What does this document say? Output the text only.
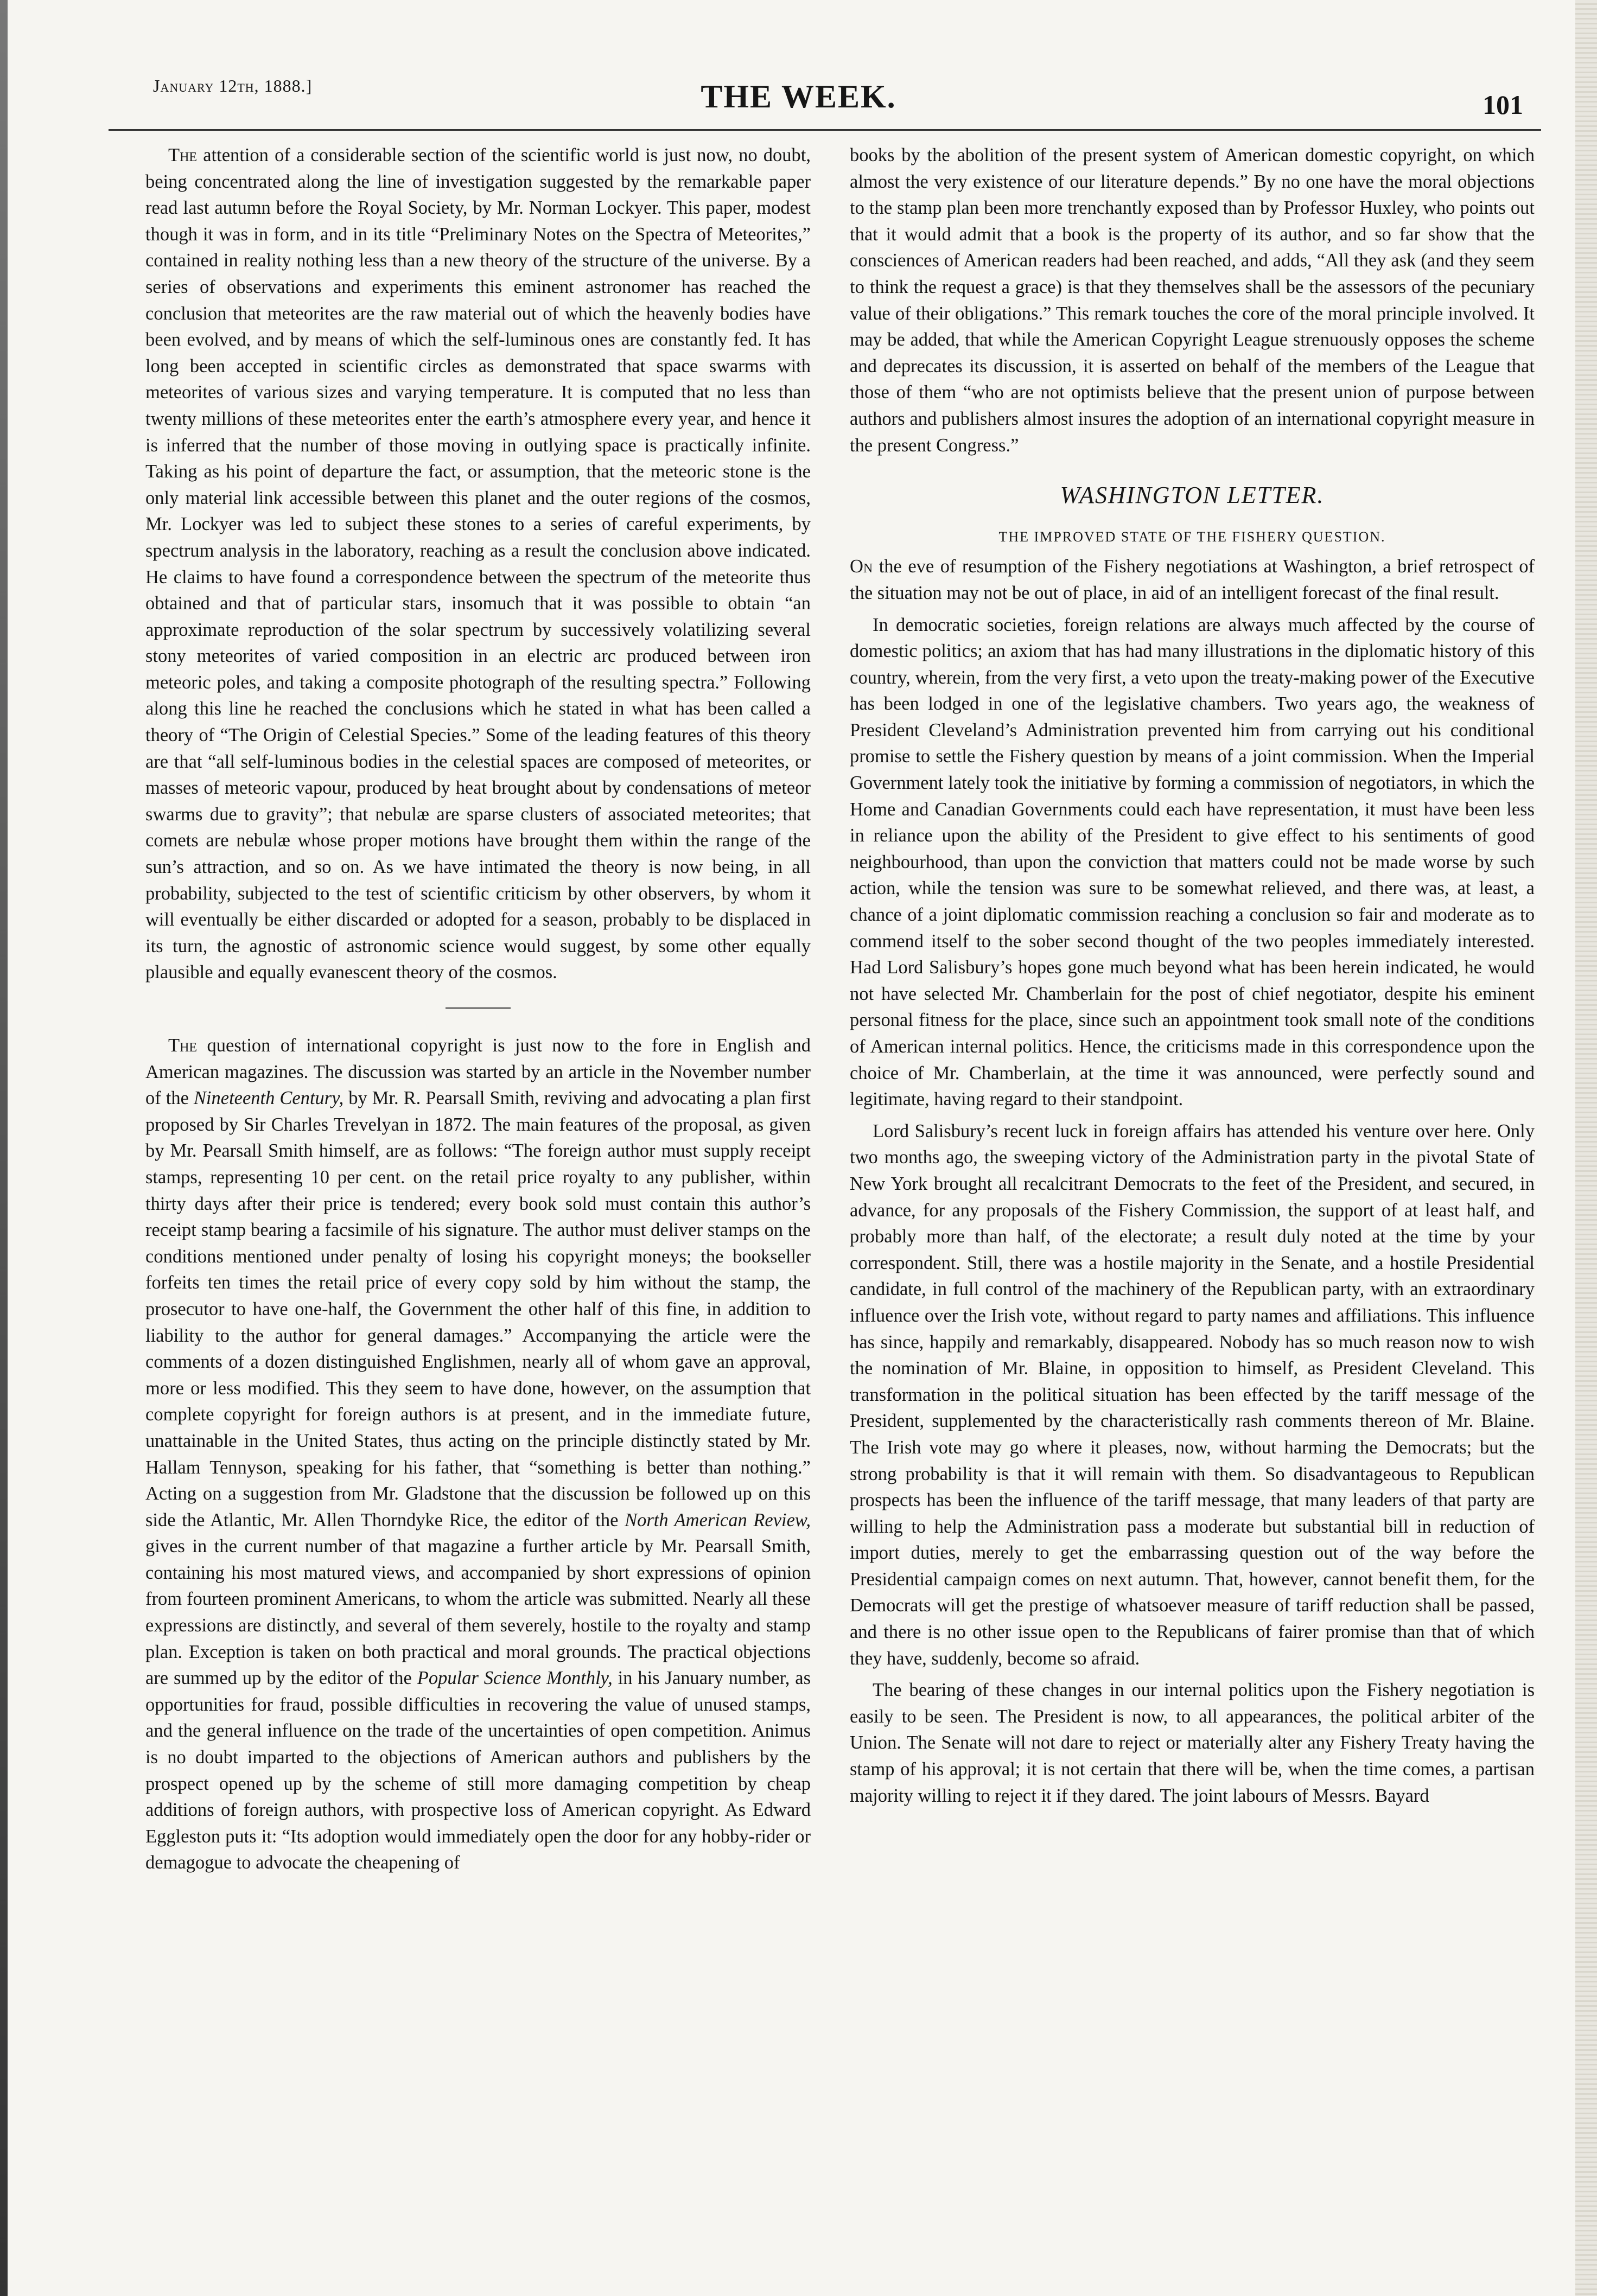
January 12th, 1888.]	THE WEEK.	101

The attention of a considerable section of the scientific world is just now, no doubt, being concentrated along the line of investigation suggested by the remarkable paper read last autumn before the Royal Society, by Mr. Norman Lockyer. This paper, modest though it was in form, and in its title “Preliminary Notes on the Spectra of Meteorites,” contained in reality nothing less than a new theory of the structure of the universe. By a series of observations and experiments this eminent astronomer has reached the conclusion that meteorites are the raw material out of which the heavenly bodies have been evolved, and by means of which the self-luminous ones are constantly fed. It has long been accepted in scientific circles as demonstrated that space swarms with meteorites of various sizes and varying temperature. It is computed that no less than twenty millions of these meteorites enter the earth’s atmosphere every year, and hence it is inferred that the number of those moving in outlying space is practically infinite. Taking as his point of departure the fact, or assumption, that the meteoric stone is the only material link accessible between this planet and the outer regions of the cosmos, Mr. Lockyer was led to subject these stones to a series of careful experiments, by spectrum analysis in the laboratory, reaching as a result the conclusion above indicated. He claims to have found a correspondence between the spectrum of the meteorite thus obtained and that of particular stars, insomuch that it was possible to obtain “an approximate reproduction of the solar spectrum by successively volatilizing several stony meteorites of varied composition in an electric arc produced between iron meteoric poles, and taking a composite photograph of the resulting spectra.” Following along this line he reached the conclusions which he stated in what has been called a theory of “The Origin of Celestial Species.” Some of the leading features of this theory are that “all self-luminous bodies in the celestial spaces are composed of meteorites, or masses of meteoric vapour, produced by heat brought about by condensations of meteor swarms due to gravity”; that nebulæ are sparse clusters of associated meteorites; that comets are nebulæ whose proper motions have brought them within the range of the sun’s attraction, and so on. As we have intimated the theory is now being, in all probability, subjected to the test of scientific criticism by other observers, by whom it will eventually be either discarded or adopted for a season, probably to be displaced in its turn, the agnostic of astronomic science would suggest, by some other equally plausible and equally evanescent theory of the cosmos.

The question of international copyright is just now to the fore in English and American magazines. The discussion was started by an article in the November number of the Nineteenth Century, by Mr. R. Pearsall Smith, reviving and advocating a plan first proposed by Sir Charles Trevelyan in 1872. The main features of the proposal, as given by Mr. Pearsall Smith himself, are as follows: “The foreign author must supply receipt stamps, representing 10 per cent. on the retail price royalty to any publisher, within thirty days after their price is tendered; every book sold must contain this author’s receipt stamp bearing a facsimile of his signature. The author must deliver stamps on the conditions mentioned under penalty of losing his copyright moneys; the bookseller forfeits ten times the retail price of every copy sold by him without the stamp, the prosecutor to have one-half, the Government the other half of this fine, in addition to liability to the author for general damages.” Accompanying the article were the comments of a dozen distinguished Englishmen, nearly all of whom gave an approval, more or less modified. This they seem to have done, however, on the assumption that complete copyright for foreign authors is at present, and in the immediate future, unattainable in the United States, thus acting on the principle distinctly stated by Mr. Hallam Tennyson, speaking for his father, that “something is better than nothing.” Acting on a suggestion from Mr. Gladstone that the discussion be followed up on this side the Atlantic, Mr. Allen Thorndyke Rice, the editor of the North American Review, gives in the current number of that magazine a further article by Mr. Pearsall Smith, containing his most matured views, and accompanied by short expressions of opinion from fourteen prominent Americans, to whom the article was submitted. Nearly all these expressions are distinctly, and several of them severely, hostile to the royalty and stamp plan. Exception is taken on both practical and moral grounds. The practical objections are summed up by the editor of the Popular Science Monthly, in his January number, as opportunities for fraud, possible difficulties in recovering the value of unused stamps, and the general influence on the trade of the uncertainties of open competition. Animus is no doubt imparted to the objections of American authors and publishers by the prospect opened up by the scheme of still more damaging competition by cheap additions of foreign authors, with prospective loss of American copyright. As Edward Eggleston puts it: “Its adoption would immediately open the door for any hobby-rider or demagogue to advocate the cheapening of

books by the abolition of the present system of American domestic copyright, on which almost the very existence of our literature depends.” By no one have the moral objections to the stamp plan been more trenchantly exposed than by Professor Huxley, who points out that it would admit that a book is the property of its author, and so far show that the consciences of American readers had been reached, and adds, “All they ask (and they seem to think the request a grace) is that they themselves shall be the assessors of the pecuniary value of their obligations.” This remark touches the core of the moral principle involved. It may be added, that while the American Copyright League strenuously opposes the scheme and deprecates its discussion, it is asserted on behalf of the members of the League that those of them “who are not optimists believe that the present union of purpose between authors and publishers almost insures the adoption of an international copyright measure in the present Congress.”

WASHINGTON LETTER.
THE IMPROVED STATE OF THE FISHERY QUESTION.

On the eve of resumption of the Fishery negotiations at Washington, a brief retrospect of the situation may not be out of place, in aid of an intelligent forecast of the final result.

In democratic societies, foreign relations are always much affected by the course of domestic politics; an axiom that has had many illustrations in the diplomatic history of this country, wherein, from the very first, a veto upon the treaty-making power of the Executive has been lodged in one of the legislative chambers. Two years ago, the weakness of President Cleveland’s Administration prevented him from carrying out his conditional promise to settle the Fishery question by means of a joint commission. When the Imperial Government lately took the initiative by forming a commission of negotiators, in which the Home and Canadian Governments could each have representation, it must have been less in reliance upon the ability of the President to give effect to his sentiments of good neighbourhood, than upon the conviction that matters could not be made worse by such action, while the tension was sure to be somewhat relieved, and there was, at least, a chance of a joint diplomatic commission reaching a conclusion so fair and moderate as to commend itself to the sober second thought of the two peoples immediately interested. Had Lord Salisbury’s hopes gone much beyond what has been herein indicated, he would not have selected Mr. Chamberlain for the post of chief negotiator, despite his eminent personal fitness for the place, since such an appointment took small note of the conditions of American internal politics. Hence, the criticisms made in this correspondence upon the choice of Mr. Chamberlain, at the time it was announced, were perfectly sound and legitimate, having regard to their standpoint.

Lord Salisbury’s recent luck in foreign affairs has attended his venture over here. Only two months ago, the sweeping victory of the Administration party in the pivotal State of New York brought all recalcitrant Democrats to the feet of the President, and secured, in advance, for any proposals of the Fishery Commission, the support of at least half, and probably more than half, of the electorate; a result duly noted at the time by your correspondent. Still, there was a hostile majority in the Senate, and a hostile Presidential candidate, in full control of the machinery of the Republican party, with an extraordinary influence over the Irish vote, without regard to party names and affiliations. This influence has since, happily and remarkably, disappeared. Nobody has so much reason now to wish the nomination of Mr. Blaine, in opposition to himself, as President Cleveland. This transformation in the political situation has been effected by the tariff message of the President, supplemented by the characteristically rash comments thereon of Mr. Blaine. The Irish vote may go where it pleases, now, without harming the Democrats; but the strong probability is that it will remain with them. So disadvantageous to Republican prospects has been the influence of the tariff message, that many leaders of that party are willing to help the Administration pass a moderate but substantial bill in reduction of import duties, merely to get the embarrassing question out of the way before the Presidential campaign comes on next autumn. That, however, cannot benefit them, for the Democrats will get the prestige of whatsoever measure of tariff reduction shall be passed, and there is no other issue open to the Republicans of fairer promise than that of which they have, suddenly, become so afraid.

The bearing of these changes in our internal politics upon the Fishery negotiation is easily to be seen. The President is now, to all appearances, the political arbiter of the Union. The Senate will not dare to reject or materially alter any Fishery Treaty having the stamp of his approval; it is not certain that there will be, when the time comes, a partisan majority willing to reject it if they dared. The joint labours of Messrs. Bayard
